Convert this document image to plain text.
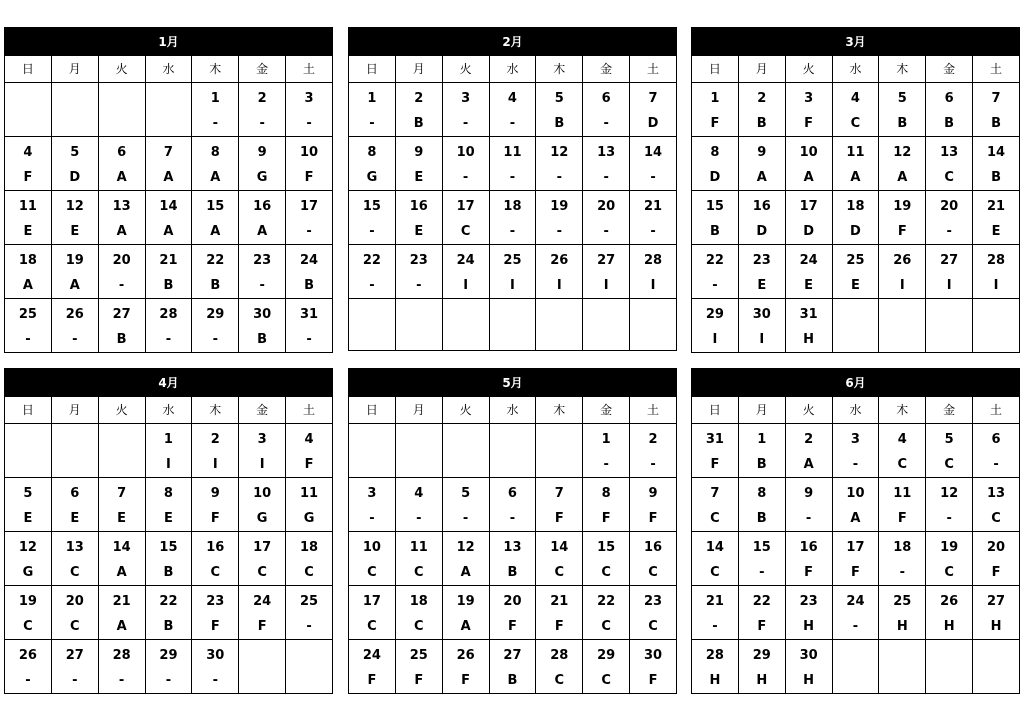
1月
日	月	火	水	木	金	土
				1	2	3
				-	-	-
4	5	6	7	8	9	10
F	D	A	A	A	G	F
11	12	13	14	15	16	17
E	E	A	A	A	A	-
18	19	20	21	22	23	24
A	A	-	B	B	-	B
25	26	27	28	29	30	31
-	-	B	-	-	B	-
2月
日	月	火	水	木	金	土
1	2	3	4	5	6	7
-	B	-	-	B	-	D
8	9	10	11	12	13	14
G	E	-	-	-	-	-
15	16	17	18	19	20	21
-	E	C	-	-	-	-
22	23	24	25	26	27	28
-	-	I	I	I	I	I

3月
日	月	火	水	木	金	土
1	2	3	4	5	6	7
F	B	F	C	B	B	B
8	9	10	11	12	13	14
D	A	A	A	A	C	B
15	16	17	18	19	20	21
B	D	D	D	F	-	E
22	23	24	25	26	27	28
-	E	E	E	I	I	I
29	30	31				
I	I	H				
4月
日	月	火	水	木	金	土
			1	2	3	4
			I	I	I	F
5	6	7	8	9	10	11
E	E	E	E	F	G	G
12	13	14	15	16	17	18
G	C	A	B	C	C	C
19	20	21	22	23	24	25
C	C	A	B	F	F	-
26	27	28	29	30		
-	-	-	-	-		
5月
日	月	火	水	木	金	土
					1	2
					-	-
3	4	5	6	7	8	9
-	-	-	-	F	F	F
10	11	12	13	14	15	16
C	C	A	B	C	C	C
17	18	19	20	21	22	23
C	C	A	F	F	C	C
24	25	26	27	28	29	30
F	F	F	B	C	C	F
6月
日	月	火	水	木	金	土
31	1	2	3	4	5	6
F	B	A	-	C	C	-
7	8	9	10	11	12	13
C	B	-	A	F	-	C
14	15	16	17	18	19	20
C	-	F	F	-	C	F
21	22	23	24	25	26	27
-	F	H	-	H	H	H
28	29	30				
H	H	H				
